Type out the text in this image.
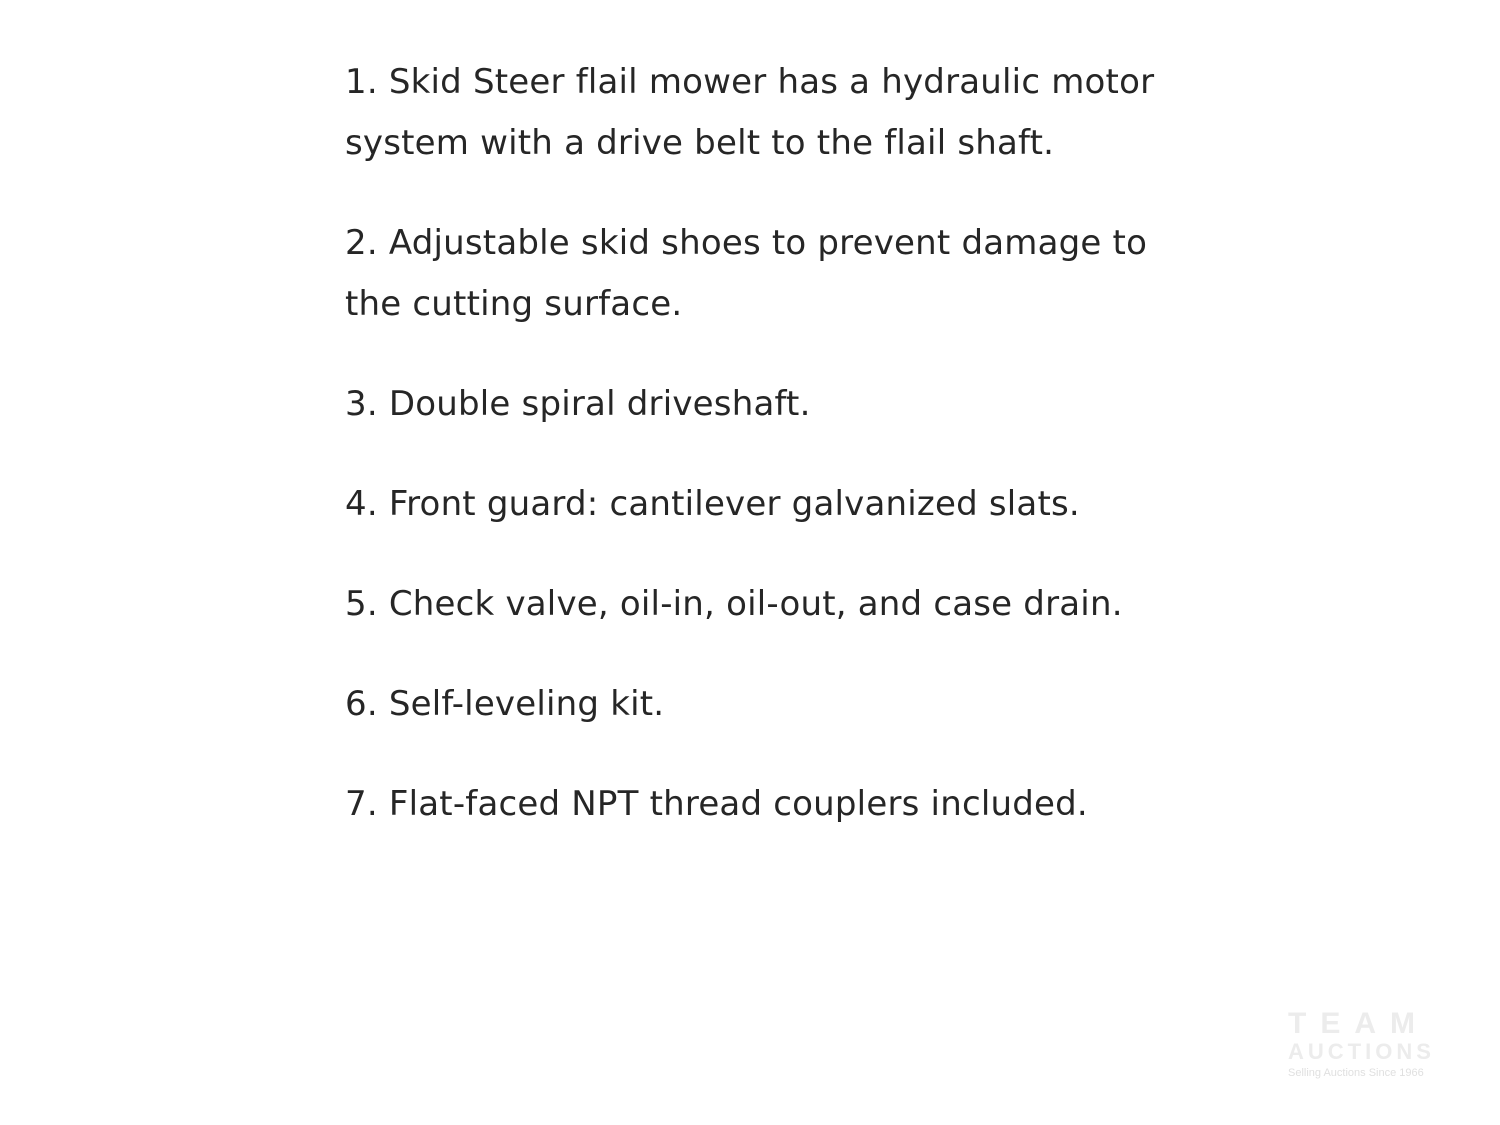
1. Skid Steer flail mower has a hydraulic motor system with a drive belt to the flail shaft.
2. Adjustable skid shoes to prevent damage to the cutting surface.
3. Double spiral driveshaft.
4. Front guard: cantilever galvanized slats.
5. Check valve, oil-in, oil-out, and case drain.
6. Self-leveling kit.
7. Flat-faced NPT thread couplers included.
TEAM
AUCTIONS
Selling Auctions Since 1966
